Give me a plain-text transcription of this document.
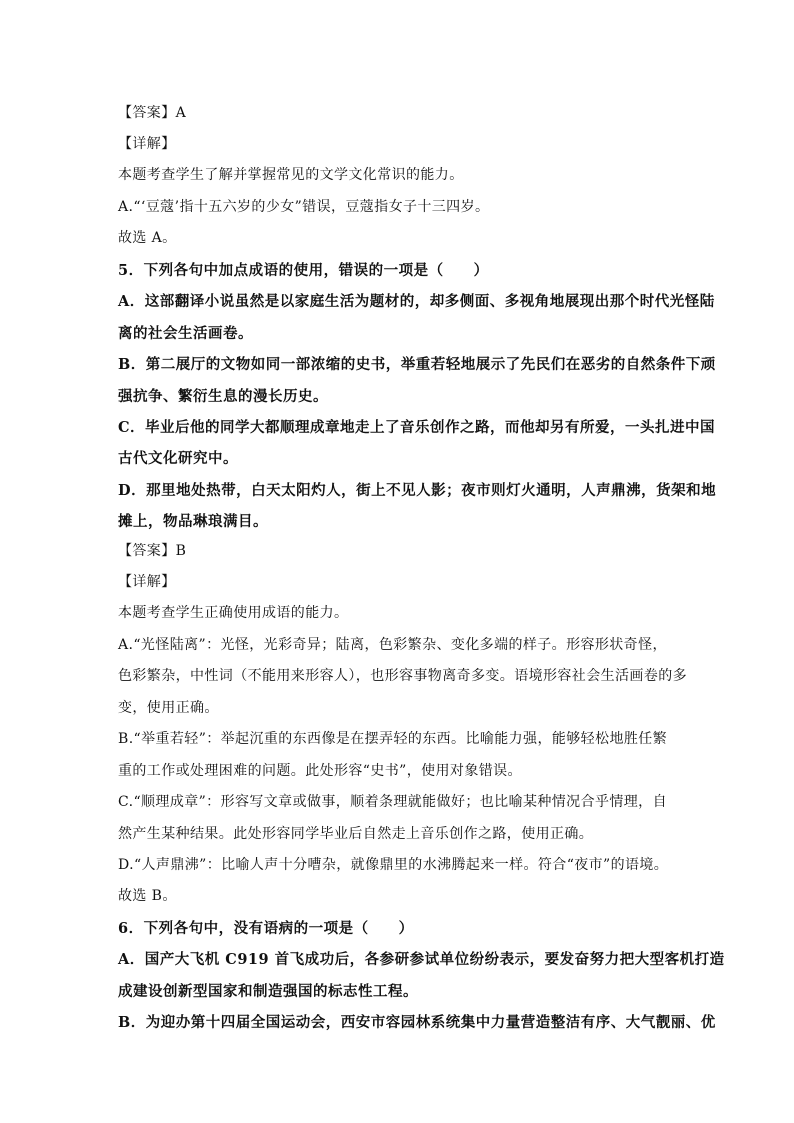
【答案】A
【详解】
本题考查学生了解并掌握常见的文学文化常识的能力。
A.“‘豆蔻’指十五六岁的少女”错误，豆蔻指女子十三四岁。
故选 A。
5．下列各句中加点成语的使用，错误的一项是（　　）
A．这部翻译小说虽然是以家庭生活为题材的，却多侧面、多视角地展现出那个时代光怪陆
离的社会生活画卷。
B．第二展厅的文物如同一部浓缩的史书，举重若轻地展示了先民们在恶劣的自然条件下顽
强抗争、繁衍生息的漫长历史。
C．毕业后他的同学大都顺理成章地走上了音乐创作之路，而他却另有所爱，一头扎进中国
古代文化研究中。
D．那里地处热带，白天太阳灼人，街上不见人影；夜市则灯火通明，人声鼎沸，货架和地
摊上，物品琳琅满目。
【答案】B
【详解】
本题考查学生正确使用成语的能力。
A.“光怪陆离”：光怪，光彩奇异；陆离，色彩繁杂、变化多端的样子。形容形状奇怪，
色彩繁杂，中性词（不能用来形容人），也形容事物离奇多变。语境形容社会生活画卷的多
变，使用正确。
B.“举重若轻”：举起沉重的东西像是在摆弄轻的东西。比喻能力强，能够轻松地胜任繁
重的工作或处理困难的问题。此处形容“史书”，使用对象错误。
C.“顺理成章”：形容写文章或做事，顺着条理就能做好；也比喻某种情况合乎情理，自
然产生某种结果。此处形容同学毕业后自然走上音乐创作之路，使用正确。
D.“人声鼎沸”：比喻人声十分嘈杂，就像鼎里的水沸腾起来一样。符合“夜市”的语境。
故选 B。
6．下列各句中，没有语病的一项是（　　）
A．国产大飞机 C919 首飞成功后，各参研参试单位纷纷表示，要发奋努力把大型客机打造
成建设创新型国家和制造强国的标志性工程。
B．为迎办第十四届全国运动会，西安市容园林系统集中力量营造整洁有序、大气靓丽、优
